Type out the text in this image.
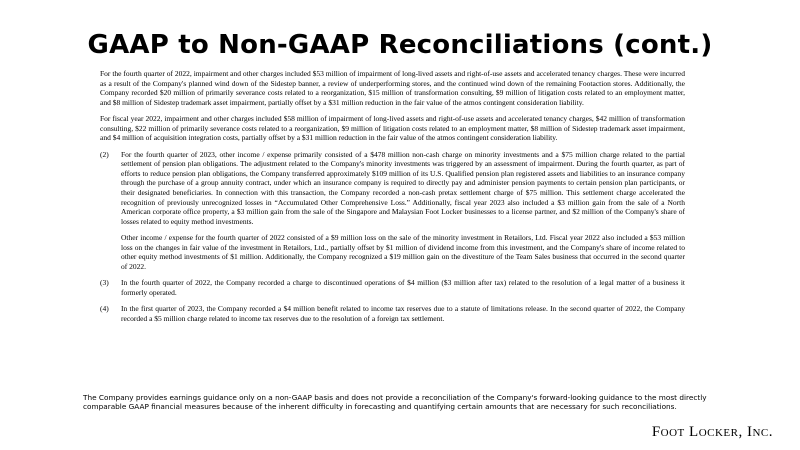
GAAP to Non-GAAP Reconciliations (cont.)

For the fourth quarter of 2022, impairment and other charges included $53 million of impairment of long-lived assets and right-of-use assets and accelerated tenancy charges. These were incurred as a result of the Company's planned wind down of the Sidestep banner, a review of underperforming stores, and the continued wind down of the remaining Footaction stores. Additionally, the Company recorded $20 million of primarily severance costs related to a reorganization, $15 million of transformation consulting, $9 million of litigation costs related to an employment matter, and $8 million of Sidestep trademark asset impairment, partially offset by a $31 million reduction in the fair value of the atmos contingent consideration liability.

For fiscal year 2022, impairment and other charges included $58 million of impairment of long-lived assets and right-of-use assets and accelerated tenancy charges, $42 million of transformation consulting, $22 million of primarily severance costs related to a reorganization, $9 million of litigation costs related to an employment matter, $8 million of Sidestep trademark asset impairment, and $4 million of acquisition integration costs, partially offset by a $31 million reduction in the fair value of the atmos contingent consideration liability.

(2)	For the fourth quarter of 2023, other income / expense primarily consisted of a $478 million non-cash charge on minority investments and a $75 million charge related to the partial settlement of pension plan obligations. The adjustment related to the Company's minority investments was triggered by an assessment of impairment. During the fourth quarter, as part of efforts to reduce pension plan obligations, the Company transferred approximately $109 million of its U.S. Qualified pension plan registered assets and liabilities to an insurance company through the purchase of a group annuity contract, under which an insurance company is required to directly pay and administer pension payments to certain pension plan participants, or their designated beneficiaries. In connection with this transaction, the Company recorded a non-cash pretax settlement charge of $75 million. This settlement charge accelerated the recognition of previously unrecognized losses in “Accumulated Other Comprehensive Loss.” Additionally, fiscal year 2023 also included a $3 million gain from the sale of a North American corporate office property, a $3 million gain from the sale of the Singapore and Malaysian Foot Locker businesses to a license partner, and $2 million of the Company's share of losses related to equity method investments.

Other income / expense for the fourth quarter of 2022 consisted of a $9 million loss on the sale of the minority investment in Retailors, Ltd. Fiscal year 2022 also included a $53 million loss on the changes in fair value of the investment in Retailors, Ltd., partially offset by $1 million of dividend income from this investment, and the Company's share of income related to other equity method investments of $1 million. Additionally, the Company recognized a $19 million gain on the divestiture of the Team Sales business that occurred in the second quarter of 2022.

(3)	In the fourth quarter of 2022, the Company recorded a charge to discontinued operations of $4 million ($3 million after tax) related to the resolution of a legal matter of a business it formerly operated.
(4)	In the first quarter of 2023, the Company recorded a $4 million benefit related to income tax reserves due to a statute of limitations release. In the second quarter of 2022, the Company recorded a $5 million charge related to income tax reserves due to the resolution of a foreign tax settlement.
The Company provides earnings guidance only on a non-GAAP basis and does not provide a reconciliation of the Company's forward-looking guidance to the most directly comparable GAAP financial measures because of the inherent difficulty in forecasting and quantifying certain amounts that are necessary for such reconciliations.
Foot Locker, Inc.
